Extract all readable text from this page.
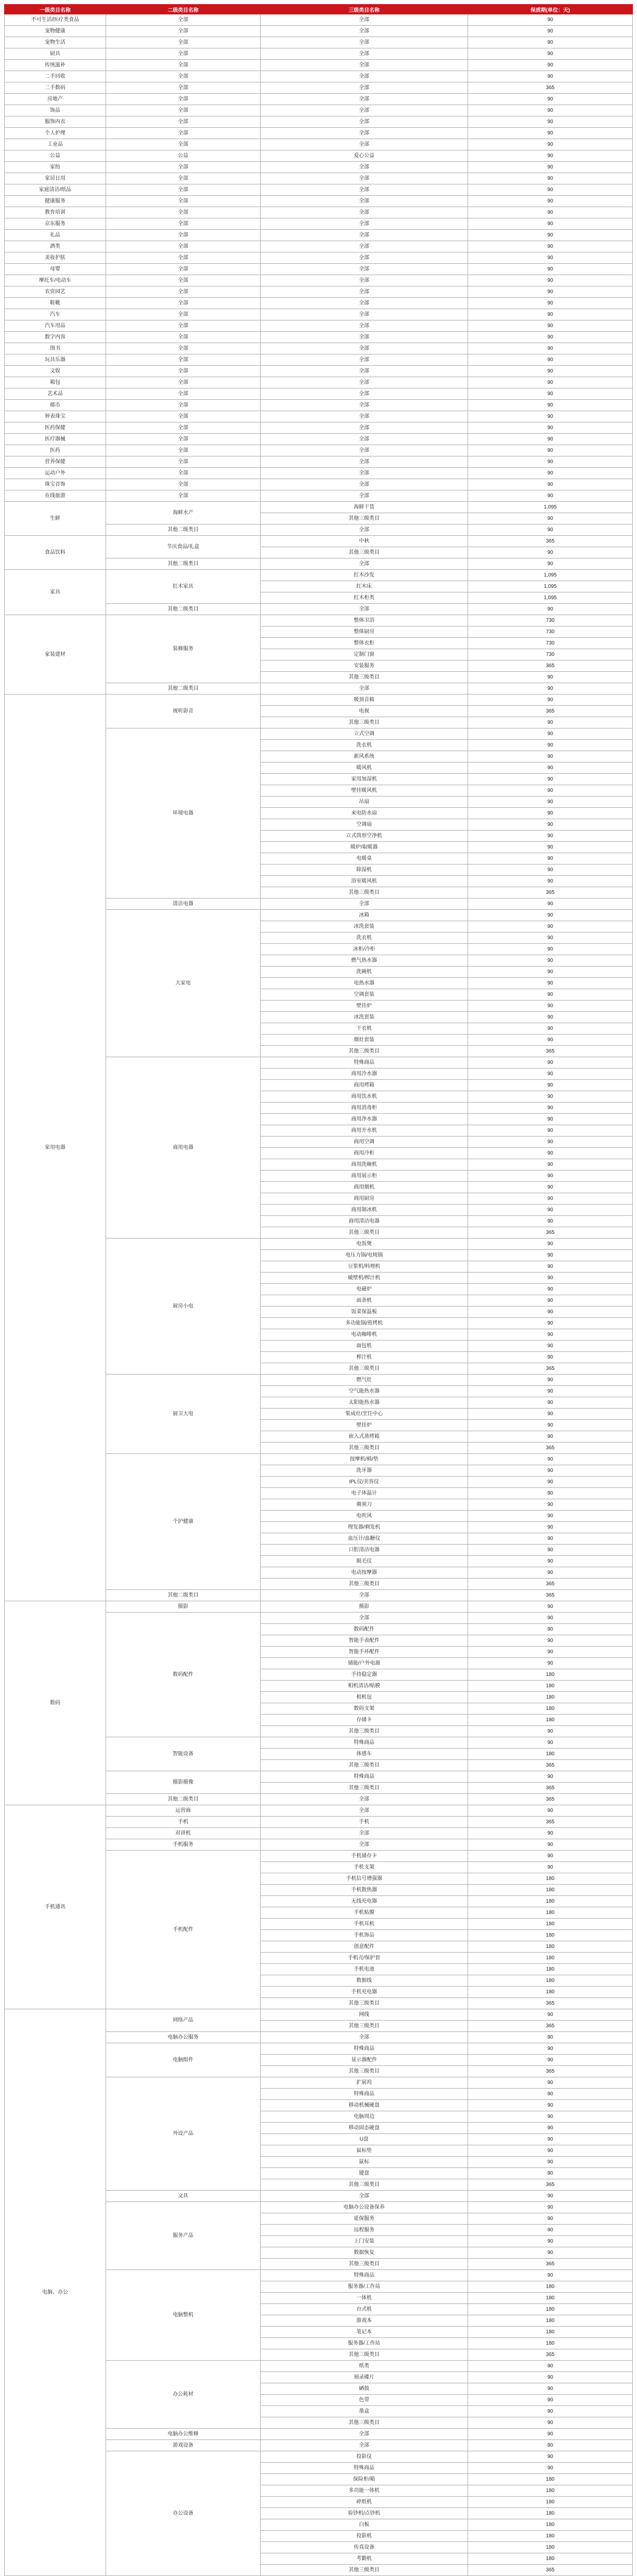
一级类目名称	二级类目名称	三级类目名称	保质期(单位：天)
不可生活/医疗类食品	全部	全部	90
宠物健康	全部	全部	90
宠物生活	全部	全部	90
厨具	全部	全部	90
传统滋补	全部	全部	90
二手回收	全部	全部	90
二手数码	全部	全部	365
房地产	全部	全部	90
饰品	全部	全部	90
服饰内衣	全部	全部	90
个人护理	全部	全部	90
工业品	全部	全部	90
公益	公益	爱心公益	90
家纺	全部	全部	90
家居日用	全部	全部	90
家庭清洁/纸品	全部	全部	90
健康服务	全部	全部	90
教育培训	全部	全部	90
京东服务	全部	全部	90
礼品	全部	全部	90
酒类	全部	全部	90
美妆护肤	全部	全部	90
母婴	全部	全部	90
摩托车/电动车	全部	全部	90
农资园艺	全部	全部	90
鞋靴	全部	全部	90
汽车	全部	全部	90
汽车用品	全部	全部	90
数字内容	全部	全部	90
图书	全部	全部	90
玩具乐器	全部	全部	90
文娱	全部	全部	90
箱包	全部	全部	90
艺术品	全部	全部	90
邮币	全部	全部	90
钟表珠宝	全部	全部	90
医药保健	全部	全部	90
医疗器械	全部	全部	90
医药	全部	全部	90
营养保健	全部	全部	90
运动户外	全部	全部	90
珠宝首饰	全部	全部	90
在线旅游	全部	全部	90
生鲜	海鲜水产	海鲜干货	1,095
		其他三级类目	90
	其他二级类目	全部	90
食品饮料	节庆食品/礼盒	中秋	365
		其他三级类目	90
	其他二级类目	全部	90
家具	红木家具	红木沙发	1,095
		红木床	1,095
		红木柜类	1,095
	其他二级类目	全部	90
家装建材	装修服务	整体卫浴	730
		整体厨房	730
		整体衣柜	730
		定制门窗	730
		安装服务	365
		其他三级类目	90
	其他二级类目	全部	90
家用电器	视听影音	吸顶音箱	90
		电视	365
		其他三级类目	90
	环境电器	立式空调	90
		洗衣机	90
		新风系统	90
		暖风机	90
		家用加湿机	90
		壁挂暖风机	90
		吊扇	90
		来电防水扇	90
		空调扇	90
		立式筒形空净机	90
		暖炉/取暖器	90
		电暖桌	90
		除湿机	90
		浴室暖风机	90
		其他三级类目	365
	清洁电器	全部	90
	大家电	冰箱	90
		冰洗套装	90
		洗衣机	90
		冰柜/冷柜	90
		燃气热水器	90
		洗碗机	90
		电热水器	90
		空调套装	90
		壁挂炉	90
		冰洗套装	90
		干衣机	90
		烟灶套装	90
		其他三级类目	365
	商用电器	特殊商品	90
		商用冷水器	90
		商用烤箱	90
		商用饮水机	90
		商用消毒柜	90
		商用净水器	90
		商用开水机	90
		商用空调	90
		商用冷柜	90
		商用洗碗机	90
		商用展示柜	90
		商用烟机	90
		商用厨房	90
		商用制冰机	90
		商用清洁电器	90
		其他三级类目	365
	厨房小电	电饭煲	90
		电压力锅/电炖锅	90
		豆浆机/料理机	90
		破壁机/榨汁机	90
		电磁炉	90
		面条机	90
		饭菜保温板	90
		多功能锅/煎烤机	90
		电动咖啡机	90
		面包机	90
		榨汁机	90
		其他三级类目	365
	厨卫大电	燃气灶	90
		空气能热水器	90
		太阳能热水器	90
		集成灶/烹饪中心	90
		壁挂炉	90
		嵌入式蒸烤箱	90
		其他三级类目	365
	个护健康	按摩机/椅/垫	90
		洗牙器	90
		IPL仪/美容仪	90
		电子体温计	90
		剃须刀	90
		电吹风	90
		理发器/剃发机	90
		血压计/血糖仪	90
		口腔清洁电器	90
		脱毛仪	90
		电动按摩器	90
		其他三级类目	365
	其他二级类目	全部	365
数码	摄影	摄影	90
	数码配件	全部	90
		数码配件	90
		智能手表配件	90
		智能手环配件	90
		储能/户外电源	90
		手持稳定器	180
		相机清洁/贴膜	180
		相机包	180
		数码支架	180
		存储卡	180
		其他三级类目	90
	智能设备	特殊商品	90
		体感车	180
		其他三级类目	365
	摄影摄像	特殊商品	90
		其他三级类目	365
	其他二级类目	全部	365
手机通讯	运营商	全部	90
	手机	手机	365
	对讲机	全部	90
	手机服务	全部	90
	手机配件	手机储存卡	90
		手机支架	90
		手机信号增强器	180
		手机散热器	180
		无线充电器	180
		手机贴膜	180
		手机耳机	180
		手机饰品	180
		创意配件	180
		手机壳/保护套	180
		手机电池	180
		数据线	180
		手机充电器	180
		其他三级类目	365
电脑、办公	网络产品	网线	90
		其他三级类目	365
	电脑办公服务	全部	90
	电脑组件	特殊商品	90
		显示器配件	90
		其他三级类目	365
	外设产品	扩展坞	90
		特殊商品	90
		移动机械硬盘	90
		电脑周边	90
		移动固态硬盘	90
		U盘	90
		鼠标垫	90
		鼠标	90
		键盘	90
		其他三级类目	365
	文具	全部	90
	服务产品	电脑办公设备保养	90
		延保服务	90
		远程服务	90
		上门安装	90
		数据恢复	90
		其他三级类目	365
	电脑整机	特殊商品	90
		服务器/工作站	180
		一体机	180
		台式机	180
		游戏本	180
		笔记本	180
		服务器/工作站	180
		其他三级类目	365
	办公耗材	纸类	90
		刻录碟片	90
		硒鼓	90
		色带	90
		墨盒	90
		其他三级类目	90
	电脑办公维修	全部	90
	游戏设备	全部	90
	办公设备	投影仪	90
		特殊商品	90
		保险柜/箱	180
		多功能一体机	180
		碎纸机	180
		验钞机/点钞机	180
		白板	180
		投影机	180
		传真设备	180
		考勤机	180
		其他三级类目	365
